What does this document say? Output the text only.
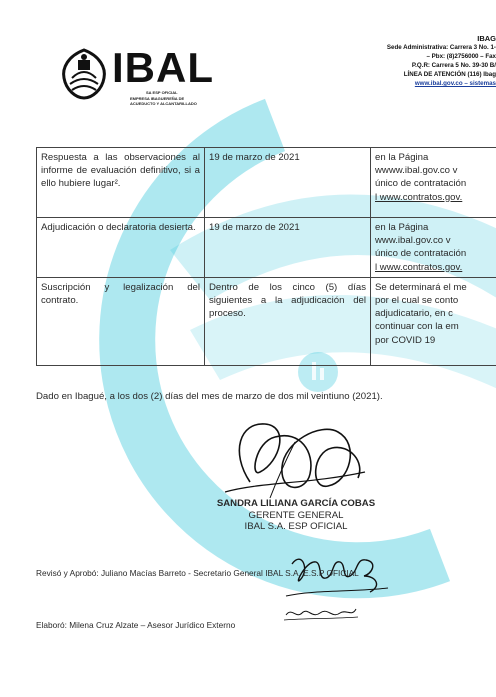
IBAL
SA ESP OFICIAL
EMPRESA IBAGUEREÑA DE
ACUEDUCTO Y ALCANTARILLADO
IBAG
Sede Administrativa: Carrera 3 No. 1-
– Pbx: (8)2756000 – Fax
P.Q.R: Carrera 5 No. 39-30 B/
LÍNEA DE ATENCIÓN (116) Ibag
www.ibal.gov.co – sistemas
Respuesta a las observaciones al informe de evaluación definitivo, si a ello hubiere lugar².	19 de marzo de 2021	en la Página
wwww.ibal.gov.co v
único de contratación
l www.contratos.gov.

Adjudicación o declaratoria desierta.	19 de marzo de 2021	en la Página
www.ibal.gov.co v
único de contratación
l www.contratos.gov.

Suscripción y legalización del contrato.	Dentro de los cinco (5) días siguientes a la adjudicación del proceso.	Se determinará el me
por el cual se conto
adjudicatario, en c
continuar con la em
por COVID 19
Dado en Ibagué, a los dos (2) días del mes de marzo de dos mil veintiuno (2021).
SANDRA LILIANA GARCÍA COBAS
GERENTE GENERAL
IBAL S.A. ESP OFICIAL
Revisó y Aprobó: Juliano Macías Barreto - Secretario General IBAL S.A. E.S.P OFICIAL
Elaboró: Milena Cruz Alzate – Asesor Jurídico Externo
